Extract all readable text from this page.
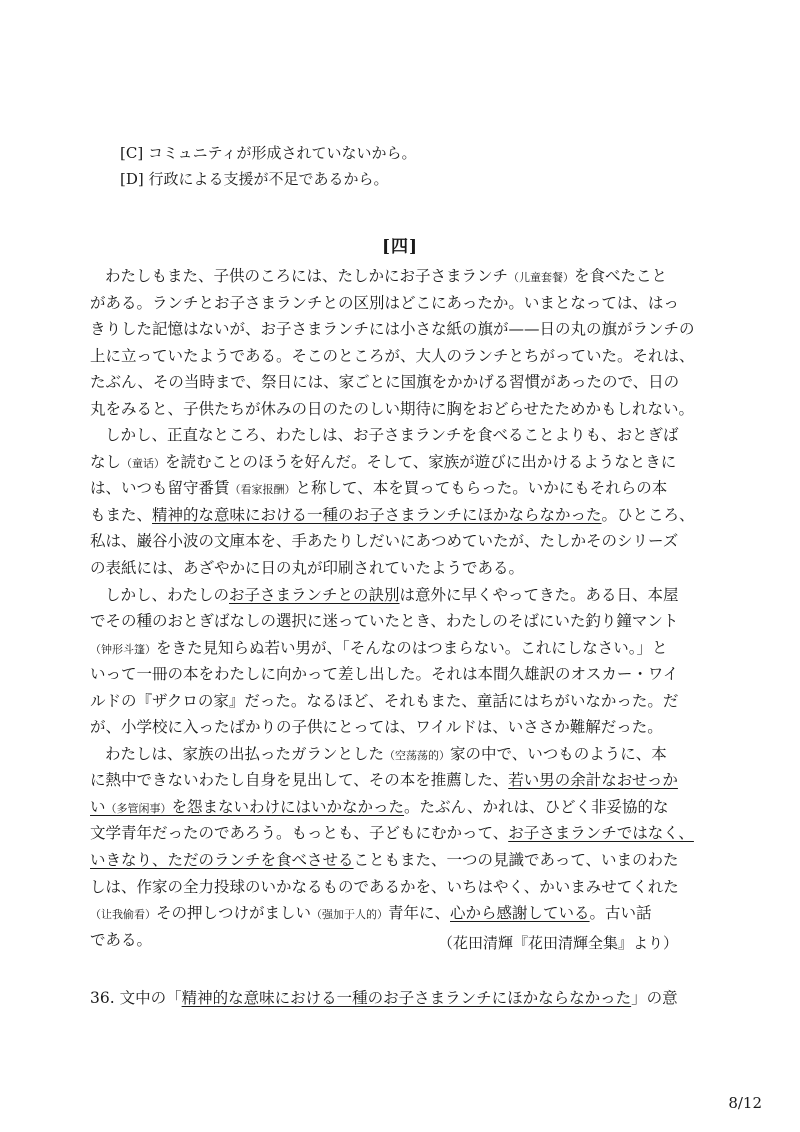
[C] コミュニティが形成されていないから。
[D] 行政による支援が不足であるから。
[四]
わたしもまた、子供のころには、たしかにお子さまランチ（儿童套餐）を食べたこと
がある。ランチとお子さまランチとの区別はどこにあったか。いまとなっては、はっ
きりした記憶はないが、お子さまランチには小さな紙の旗が——日の丸の旗がランチの
上に立っていたようである。そこのところが、大人のランチとちがっていた。それは、
たぶん、その当時まで、祭日には、家ごとに国旗をかかげる習慣があったので、日の
丸をみると、子供たちが休みの日のたのしい期待に胸をおどらせたためかもしれない。
しかし、正直なところ、わたしは、お子さまランチを食べることよりも、おとぎば
なし（童话）を読むことのほうを好んだ。そして、家族が遊びに出かけるようなときに
は、いつも留守番賃（看家报酬）と称して、本を買ってもらった。いかにもそれらの本
もまた、精神的な意味における一種のお子さまランチにほかならなかった。ひところ、
私は、巌谷小波の文庫本を、手あたりしだいにあつめていたが、たしかそのシリーズ
の表紙には、あざやかに日の丸が印刷されていたようである。
しかし、わたしのお子さまランチとの訣別は意外に早くやってきた。ある日、本屋
でその種のおとぎばなしの選択に迷っていたとき、わたしのそばにいた釣り鐘マント
（钟形斗篷）をきた見知らぬ若い男が、「そんなのはつまらない。これにしなさい。」と
いって一冊の本をわたしに向かって差し出した。それは本間久雄訳のオスカー・ワイ
ルドの『ザクロの家』だった。なるほど、それもまた、童話にはちがいなかった。だ
が、小学校に入ったばかりの子供にとっては、ワイルドは、いささか難解だった。
わたしは、家族の出払ったガランとした（空荡荡的）家の中で、いつものように、本
に熱中できないわたし自身を見出して、その本を推薦した、若い男の余計なおせっか
い（多管闲事）を怨まないわけにはいかなかった。たぶん、かれは、ひどく非妥協的な
文学青年だったのであろう。もっとも、子どもにむかって、お子さまランチではなく、
いきなり、ただのランチを食べさせることもまた、一つの見識であって、いまのわた
しは、作家の全力投球のいかなるものであるかを、いちはやく、かいまみせてくれた
（让我偷看）その押しつけがましい（强加于人的）青年に、心から感謝している。古い話
である。	（花田清輝『花田清輝全集』より）
36. 文中の「精神的な意味における一種のお子さまランチにほかならなかった」の意
8/12
